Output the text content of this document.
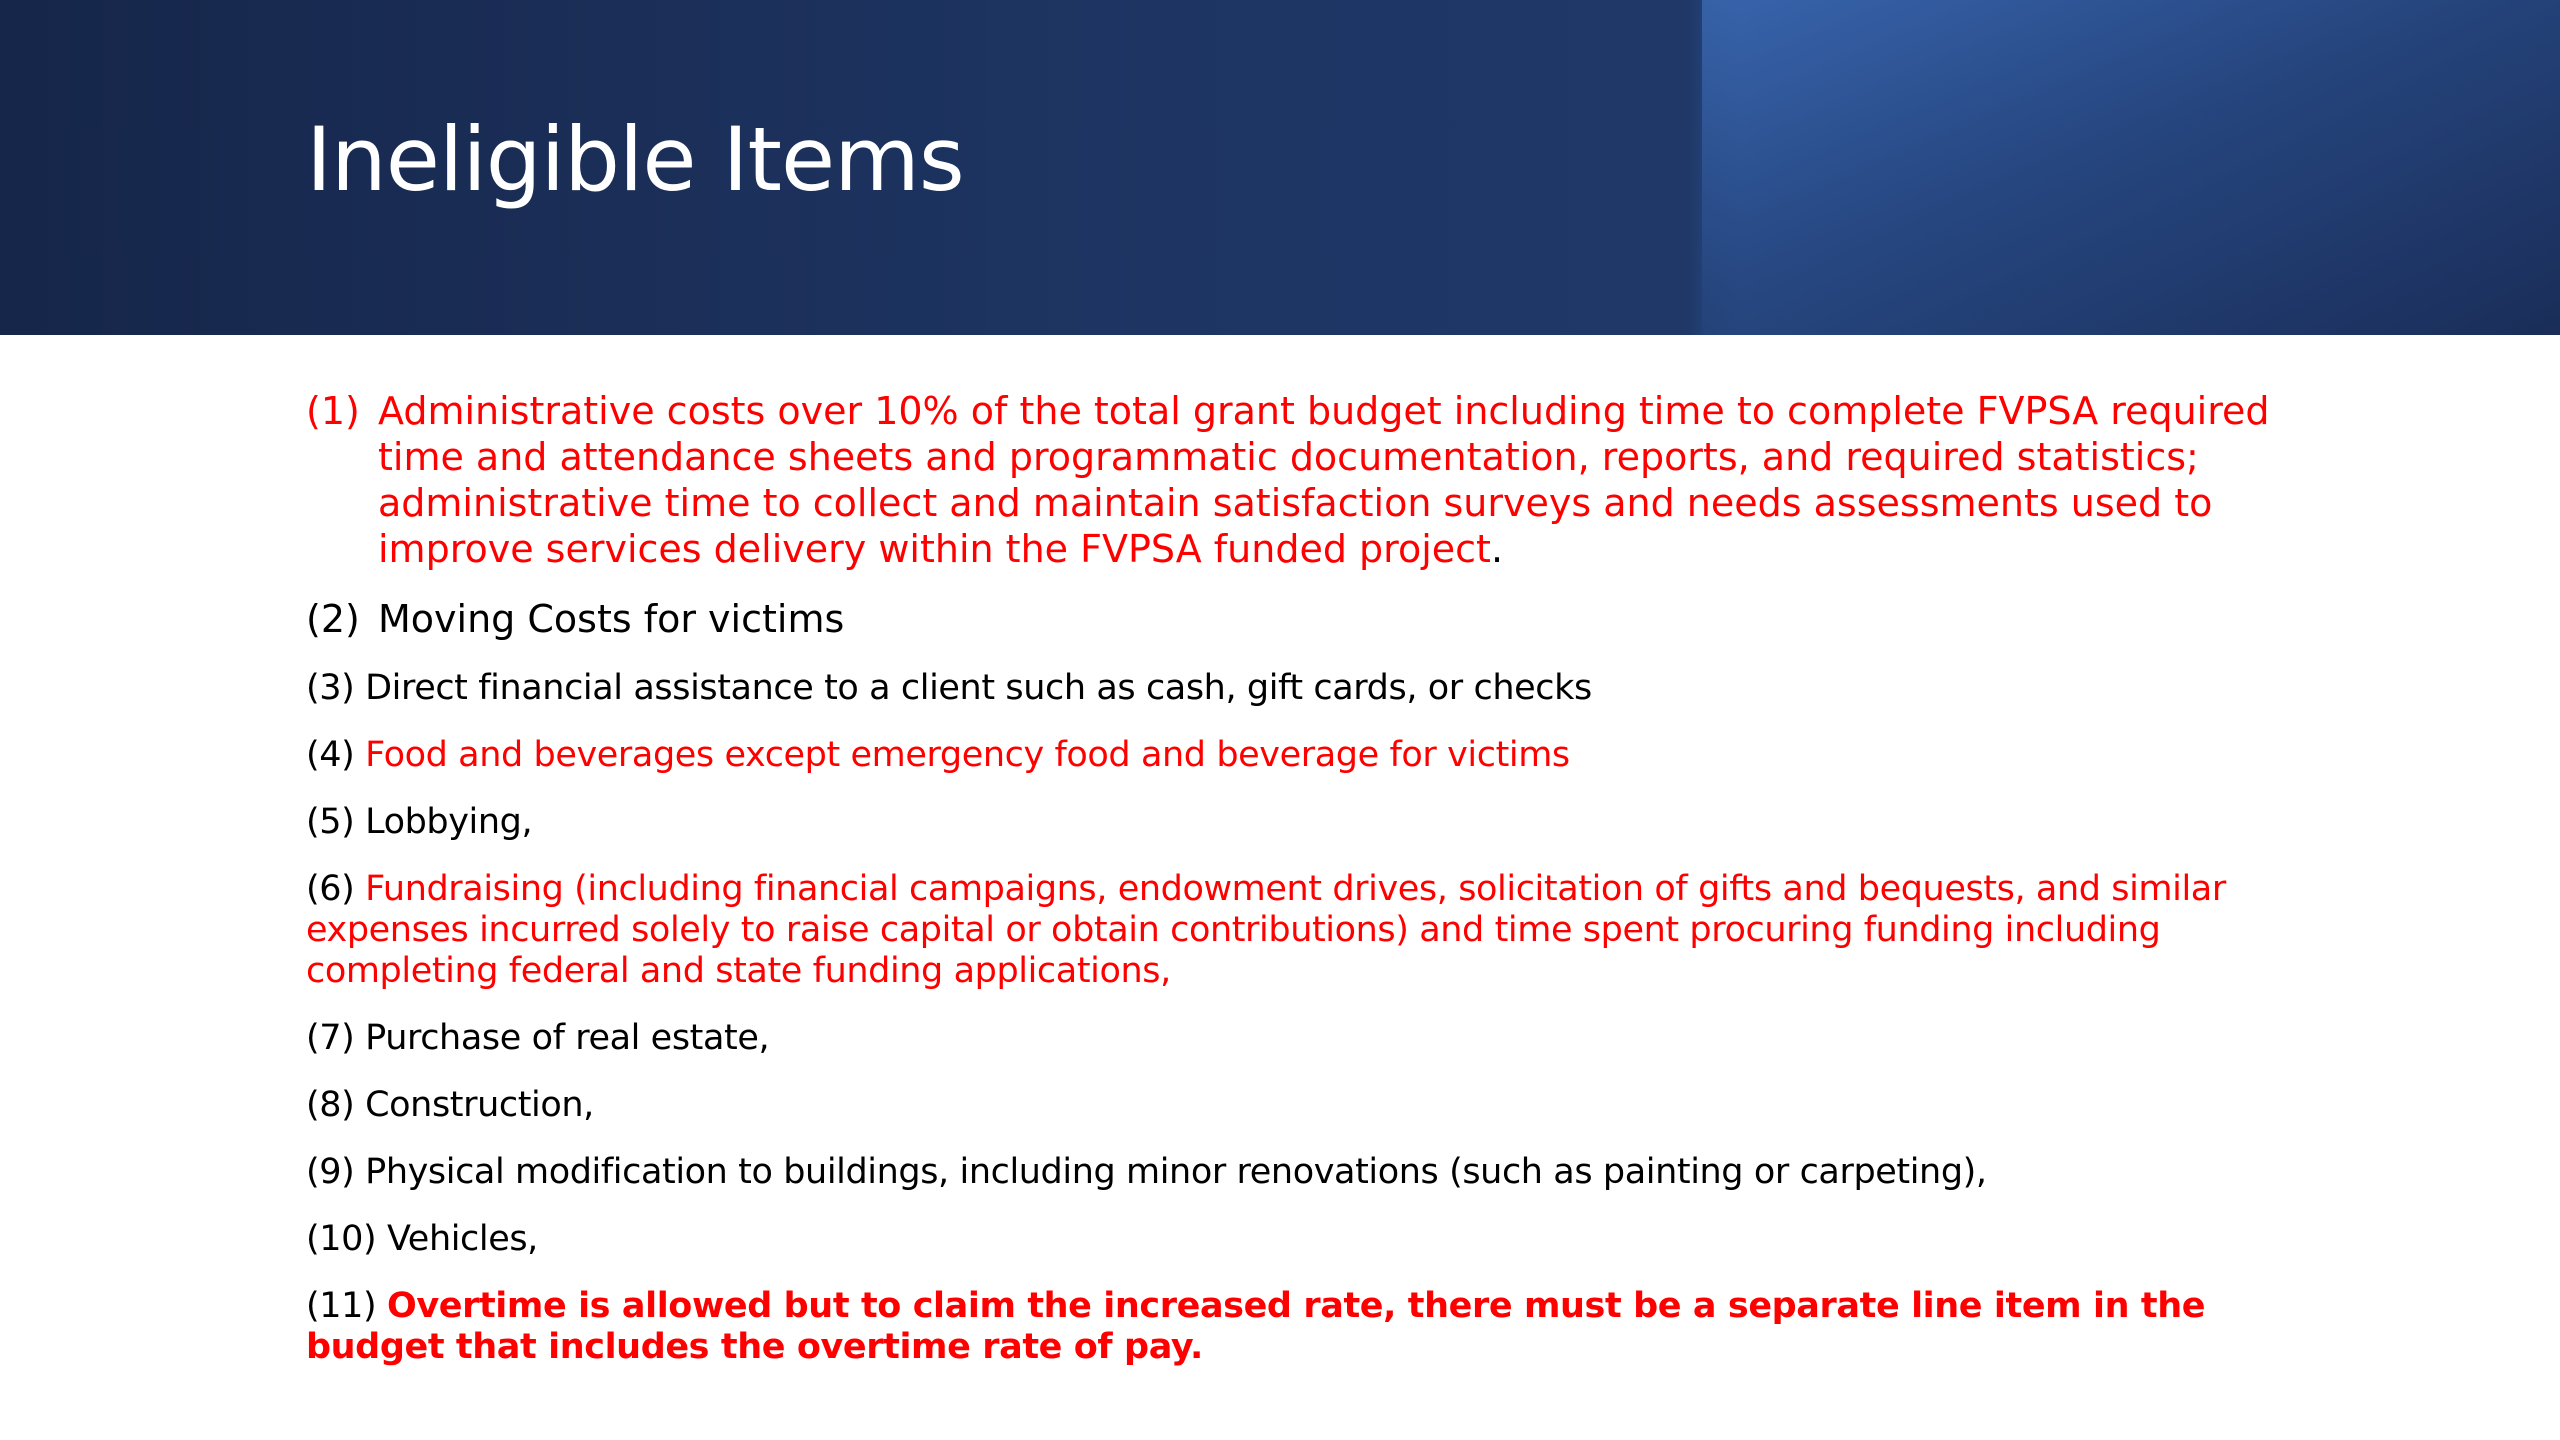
Ineligible Items
(1) Administrative costs over 10% of the total grant budget including time to complete FVPSA required time and attendance sheets and programmatic documentation, reports, and required statistics; administrative time to collect and maintain satisfaction surveys and needs assessments used to improve services delivery within the FVPSA funded project.
(2) Moving Costs for victims
(3) Direct financial assistance to a client such as cash, gift cards, or checks
(4) Food and beverages except emergency food and beverage for victims
(5) Lobbying,
(6) Fundraising (including financial campaigns, endowment drives, solicitation of gifts and bequests, and similar expenses incurred solely to raise capital or obtain contributions) and time spent procuring funding including completing federal and state funding applications,
(7) Purchase of real estate,
(8) Construction,
(9) Physical modification to buildings, including minor renovations (such as painting or carpeting),
(10) Vehicles,
(11) Overtime is allowed but to claim the increased rate, there must be a separate line item in the budget that includes the overtime rate of pay.
